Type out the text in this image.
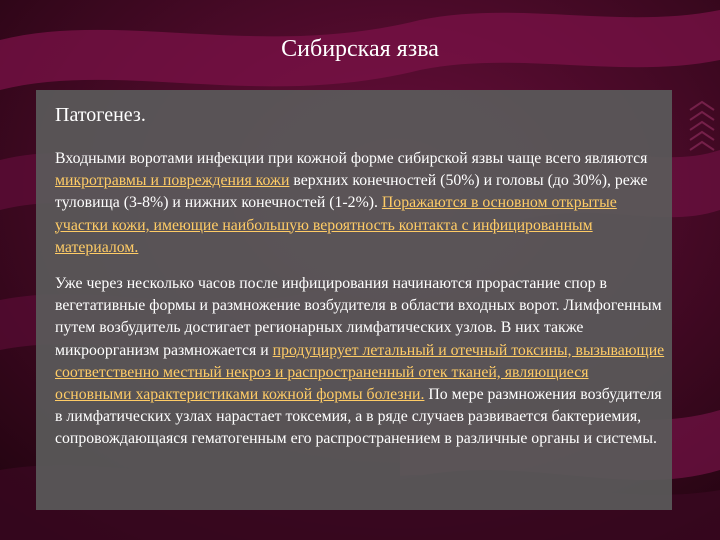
Сибирская язва
Патогенез.

Входными воротами инфекции при кожной форме сибирской язвы чаще всего являются микротравмы и повреждения кожи верхних конечностей (50%) и головы (до 30%), реже туловища (3-8%) и нижних конечностей (1-2%). Поражаются в основном открытые участки кожи, имеющие наибольшую вероятность контакта с инфицированным материалом.

Уже через несколько часов после инфицирования начинаются прорастание спор в вегетативные формы и размножение возбудителя в области входных ворот. Лимфогенным путем возбудитель достигает регионарных лимфатических узлов. В них также микроорганизм размножается и продуцирует летальный и отечный токсины, вызывающие соответственно местный некроз и распространенный отек тканей, являющиеся основными характеристиками кожной формы болезни. По мере размножения возбудителя в лимфатических узлах нарастает токсемия, а в ряде случаев развивается бактериемия, сопровождающаяся гематогенным его распространением в различные органы и системы.
